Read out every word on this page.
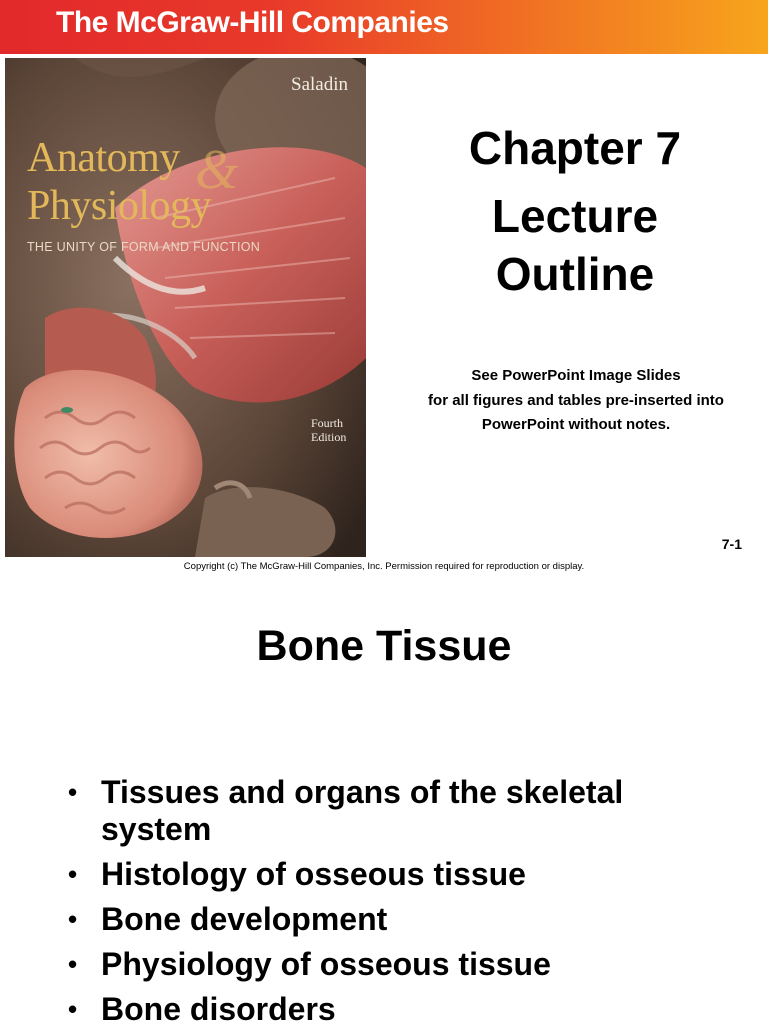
The McGraw-Hill Companies
Saladin
&
Anatomy
Physiology
THE UNITY OF FORM AND FUNCTION
Fourth
Edition
Chapter 7
Lecture
Outline
See PowerPoint Image Slides
for all figures and tables pre-inserted into
PowerPoint without notes.
7-1
Copyright (c) The McGraw-Hill Companies, Inc. Permission required for reproduction or display.
Bone Tissue
• Tissues and organs of the skeletal system
• Histology of osseous tissue
• Bone development
• Physiology of osseous tissue
• Bone disorders
